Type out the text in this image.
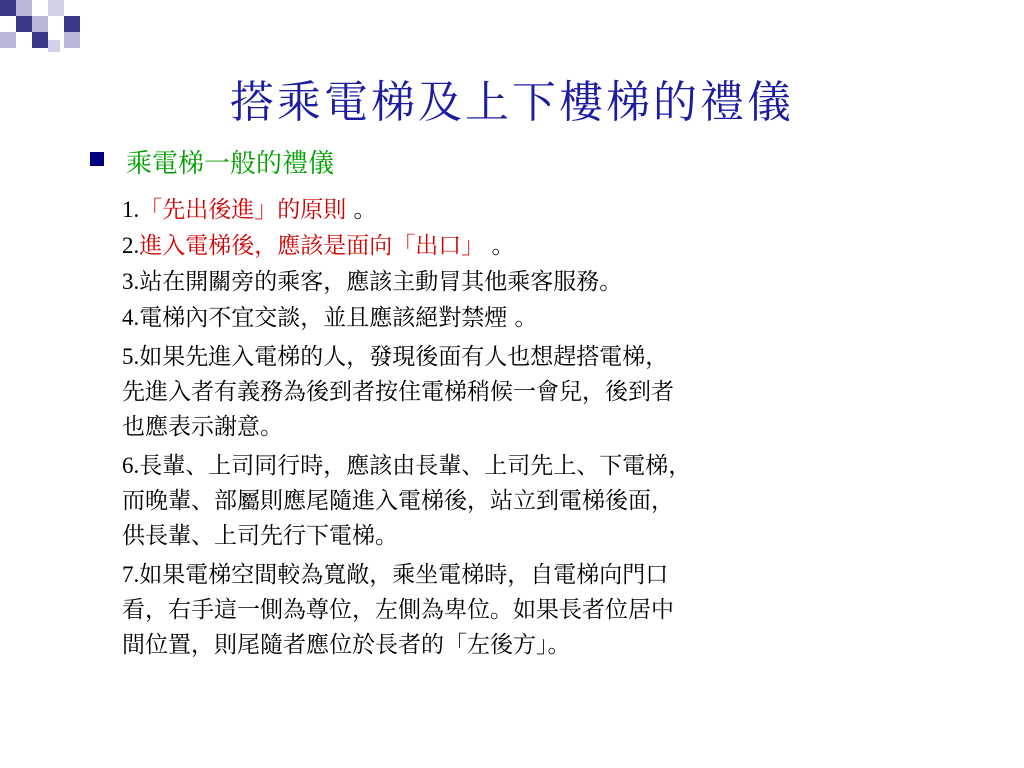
搭乘電梯及上下樓梯的禮儀
乘電梯一般的禮儀
1.「先出後進」的原則 。
2.進入電梯後，應該是面向「出口」 。
3.站在開關旁的乘客，應該主動冐其他乘客服務。
4.電梯內不宜交談，並且應該絕對禁煙 。
5.如果先進入電梯的人，發現後面有人也想趕搭電梯，
先進入者有義務為後到者按住電梯稍候一會兒，後到者
也應表示謝意。
6.長輩、上司同行時，應該由長輩、上司先上、下電梯，
而晚輩、部屬則應尾隨進入電梯後，站立到電梯後面，
供長輩、上司先行下電梯。
7.如果電梯空間較為寬敞，乘坐電梯時，自電梯向門口
看，右手這一側為尊位，左側為卑位。如果長者位居中
間位置，則尾隨者應位於長者的「左後方」。
